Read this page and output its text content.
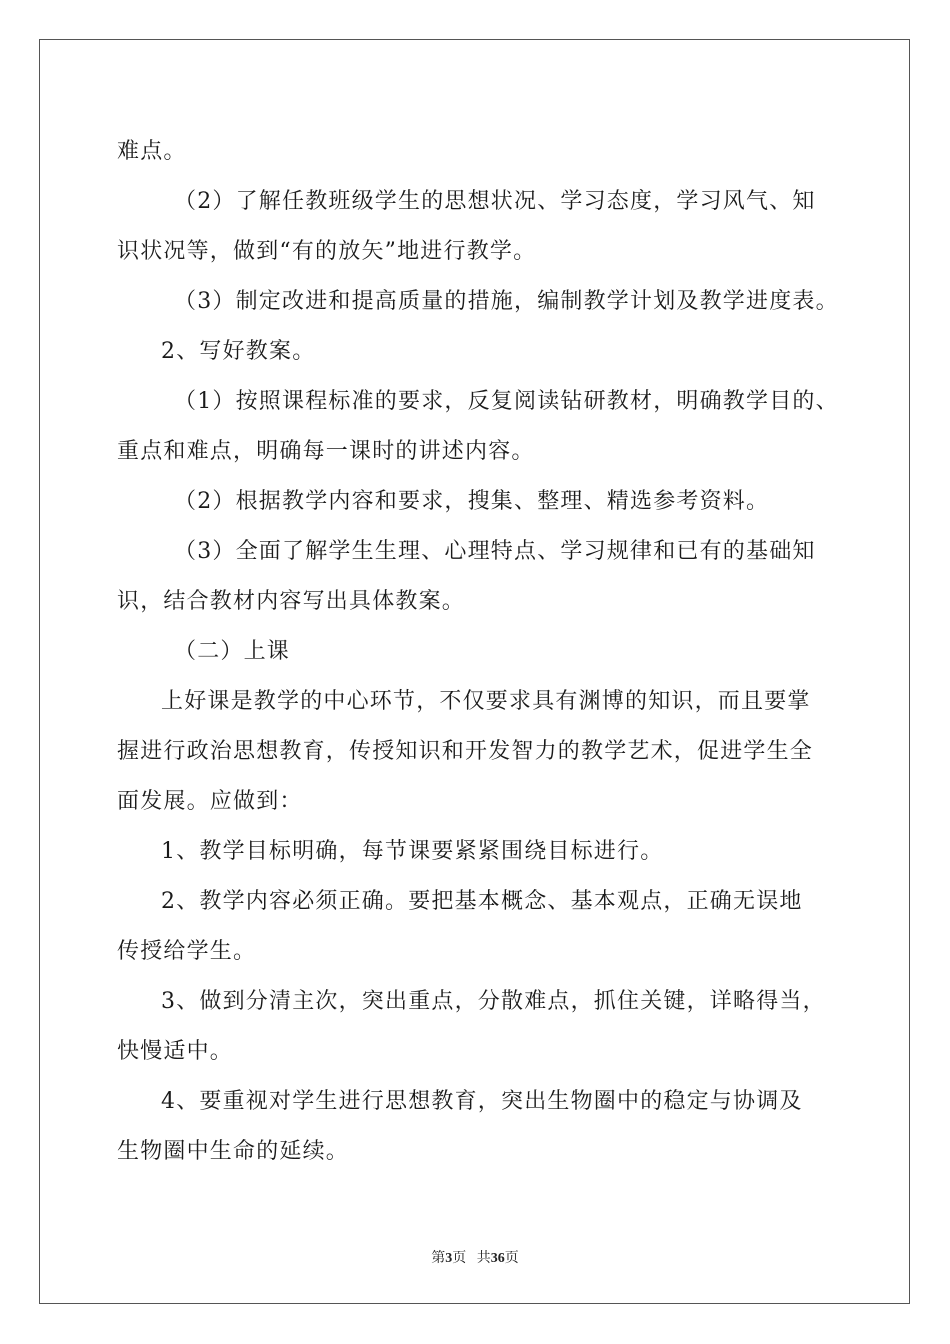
难点。
（2）了解任教班级学生的思想状况、学习态度，学习风气、知
识状况等，做到“有的放矢”地进行教学。
（3）制定改进和提高质量的措施，编制教学计划及教学进度表。
2、写好教案。
（1）按照课程标准的要求，反复阅读钻研教材，明确教学目的、
重点和难点，明确每一课时的讲述内容。
（2）根据教学内容和要求，搜集、整理、精选参考资料。
（3）全面了解学生生理、心理特点、学习规律和已有的基础知
识，结合教材内容写出具体教案。
（二）上课
上好课是教学的中心环节，不仅要求具有渊博的知识，而且要掌
握进行政治思想教育，传授知识和开发智力的教学艺术，促进学生全
面发展。应做到：
1、教学目标明确，每节课要紧紧围绕目标进行。
2、教学内容必须正确。要把基本概念、基本观点，正确无误地
传授给学生。
3、做到分清主次，突出重点，分散难点，抓住关键，详略得当，
快慢适中。
4、要重视对学生进行思想教育，突出生物圈中的稳定与协调及
生物圈中生命的延续。
第3页 共36页
